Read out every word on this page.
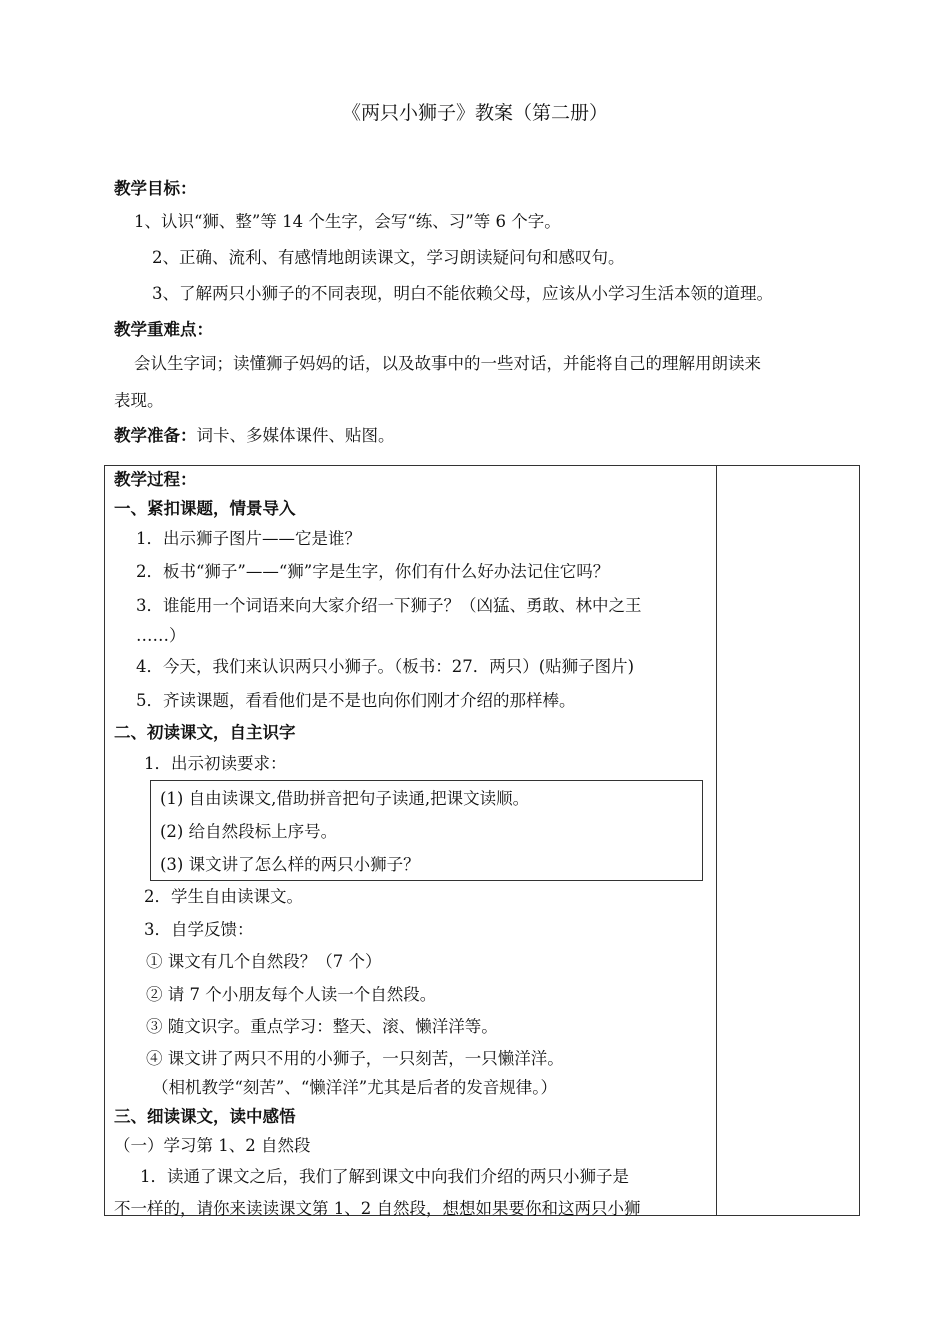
《两只小狮子》教案（第二册）
教学目标：
1、认识“狮、整”等 14 个生字，会写“练、习”等 6 个字。
2、正确、流利、有感情地朗读课文，学习朗读疑问句和感叹句。
3、了解两只小狮子的不同表现，明白不能依赖父母，应该从小学习生活本领的道理。
教学重难点：
会认生字词；读懂狮子妈妈的话，以及故事中的一些对话，并能将自己的理解用朗读来
表现。
教学准备：词卡、多媒体课件、贴图。
教学过程：
一、紧扣课题，情景导入
1．出示狮子图片——它是谁？
2．板书“狮子”——“狮”字是生字，你们有什么好办法记住它吗？
3．谁能用一个词语来向大家介绍一下狮子？（凶猛、勇敢、林中之王
……）
4．今天，我们来认识两只小狮子。（板书：27．两只）(贴狮子图片)
5．齐读课题，看看他们是不是也向你们刚才介绍的那样棒。
二、初读课文，自主识字
1．出示初读要求：
(1) 自由读课文,借助拼音把句子读通,把课文读顺。
(2) 给自然段标上序号。
(3) 课文讲了怎么样的两只小狮子？
2．学生自由读课文。
3．自学反馈：
① 课文有几个自然段？（7 个）
② 请 7 个小朋友每个人读一个自然段。
③ 随文识字。重点学习：整天、滚、懒洋洋等。
④ 课文讲了两只不用的小狮子，一只刻苦，一只懒洋洋。
（相机教学“刻苦”、“懒洋洋”尤其是后者的发音规律。）
三、细读课文，读中感悟
（一）学习第 1、2 自然段
1．读通了课文之后，我们了解到课文中向我们介绍的两只小狮子是
不一样的，请你来读读课文第 1、2 自然段，想想如果要你和这两只小狮
